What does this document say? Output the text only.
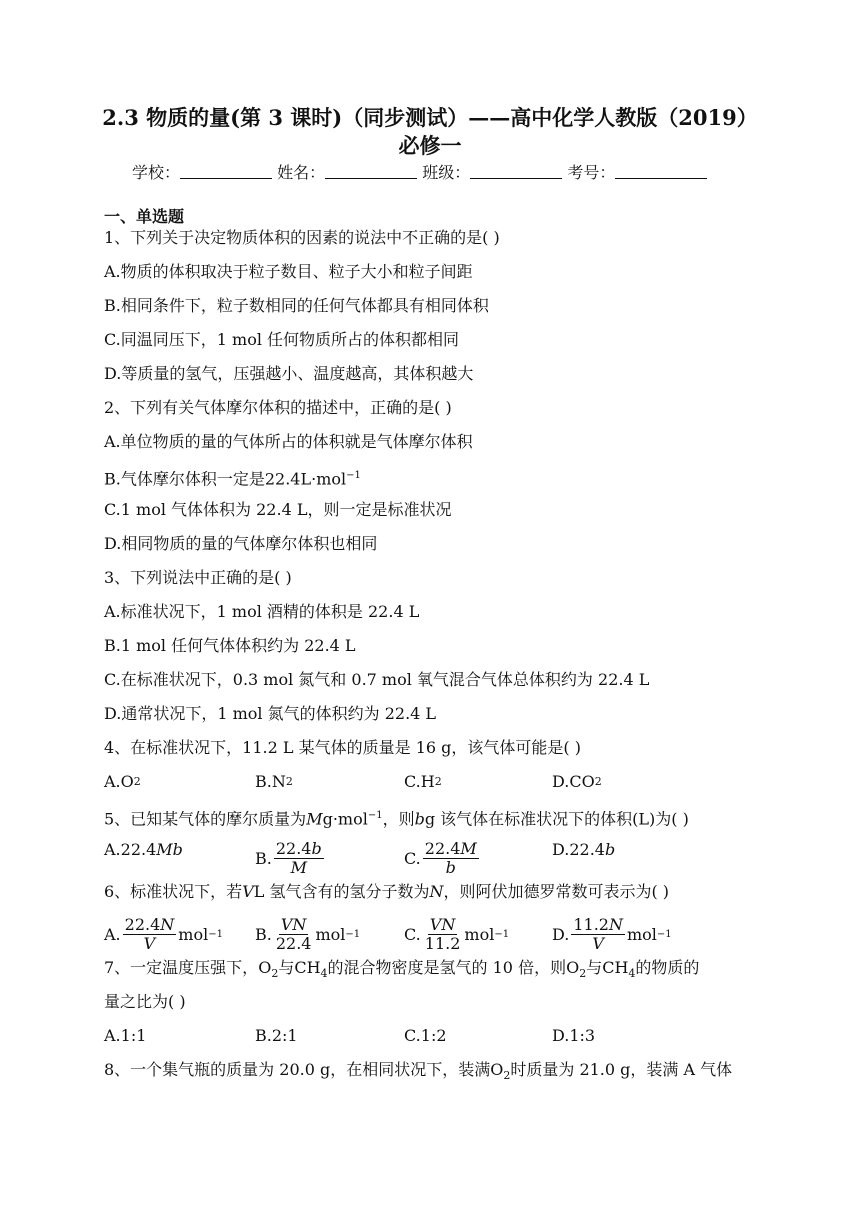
2.3 物质的量(第 3 课时)（同步测试）——高中化学人教版（2019）
必修一
学校：	姓名：	班级：	考号：
一、单选题
1、下列关于决定物质体积的因素的说法中不正确的是( )
A.物质的体积取决于粒子数目、粒子大小和粒子间距
B.相同条件下，粒子数相同的任何气体都具有相同体积
C.同温同压下，1 mol 任何物质所占的体积都相同
D.等质量的氢气，压强越小、温度越高，其体积越大
2、下列有关气体摩尔体积的描述中，正确的是( )
A.单位物质的量的气体所占的体积就是气体摩尔体积
B.气体摩尔体积一定是22.4L·mol$^{-1}$
C.1 mol 气体体积为 22.4 L，则一定是标准状况
D.相同物质的量的气体摩尔体积也相同
3、下列说法中正确的是( )
A.标准状况下，1 mol 酒精的体积是 22.4 L
B.1 mol 任何气体体积约为 22.4 L
C.在标准状况下，0.3 mol 氮气和 0.7 mol 氧气混合气体总体积约为 22.4 L
D.通常状况下，1 mol 氮气的体积约为 22.4 L
4、在标准状况下，11.2 L 某气体的质量是 16 g，该气体可能是( )
A. O 2	B. N 2	C. H 2	D. CO 2
5、已知某气体的摩尔质量为Mg·mol$^{-1}$，则bg 该气体在标准状况下的体积(L)为( )
A. 22.4 M b	B. $\frac{22.4b}{M}$	C. $\frac{22.4M}{b}$	D. 22.4 b
6、标准状况下，若VL 氢气含有的氢分子数为N，则阿伏加德罗常数可表示为( )
A. $\frac{22.4N}{V}$ mol −1 B. $\frac{VN}{22.4}$ mol −1	C. $\frac{VN}{11.2}$ mol −1	D. $\frac{11.2N}{V}$ mol −1
7、一定温度压强下，$O_2$与$CH_4$的混合物密度是氢气的 10 倍，则$O_2$与$CH_4$的物质的
量之比为( )
A.1:1	B.2:1	C.1:2	D.1:3
8、一个集气瓶的质量为 20.0 g，在相同状况下，装满$O_2$时质量为 21.0 g，装满 A 气体
